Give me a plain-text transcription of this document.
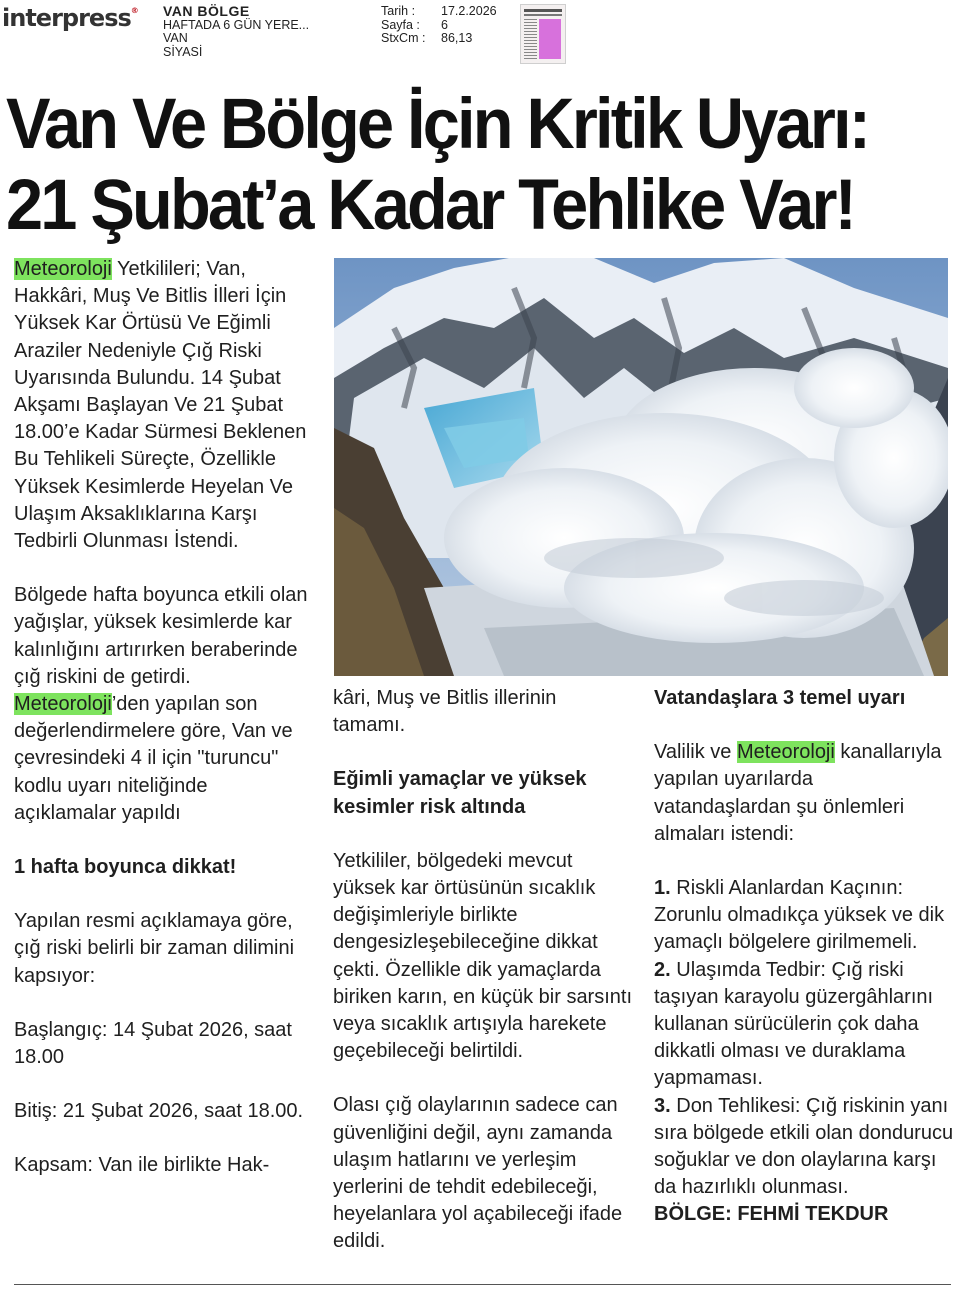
interpress® VAN BÖLGE
HAFTADA 6 GÜN YERE...
VAN
SİYASİ
Tarih :	17.2.2026
Sayfa :	6
StxCm :	86,13
Van Ve Bölge İçin Kritik Uyarı:
21 Şubat’a Kadar Tehlike Var!

Meteoroloji Yetkilileri; Van, Hakkâri, Muş Ve Bitlis İlleri İçin Yüksek Kar Örtüsü Ve Eğimli Araziler Nedeniyle Çığ Riski Uyarısında Bulundu. 14 Şubat Akşamı Başlayan Ve 21 Şubat 18.00’e Kadar Sürmesi Beklenen Bu Tehlikeli Süreçte, Özellikle Yüksek Kesimlerde Heyelan Ve Ulaşım Aksaklıklarına Karşı Tedbirli Olunması İstendi.

Bölgede hafta boyunca etkili olan yağışlar, yüksek kesimlerde kar kalınlığını artırırken beraberinde çığ riskini de getirdi. Meteoroloji’den yapılan son değerlendirmelere göre, Van ve çevresindeki 4 il için "turuncu" kodlu uyarı niteliğinde açıklamalar yapıldı

1 hafta boyunca dikkat!

Yapılan resmi açıklamaya göre, çığ riski belirli bir zaman dilimini kapsıyor:

Başlangıç: 14 Şubat 2026, saat 18.00

Bitiş: 21 Şubat 2026, saat 18.00.

Kapsam: Van ile birlikte Hak-

kâri, Muş ve Bitlis illerinin tamamı.

Eğimli yamaçlar ve yüksek kesimler risk altında

Yetkililer, bölgedeki mevcut yüksek kar örtüsünün sıcaklık değişimleriyle birlikte dengesizleşebileceğine dikkat çekti. Özellikle dik yamaçlarda biriken karın, en küçük bir sarsıntı veya sıcaklık artışıyla harekete geçebileceği belirtildi.

Olası çığ olaylarının sadece can güvenliğini değil, aynı zamanda ulaşım hatlarını ve yerleşim yerlerini de tehdit edebileceği, heyelanlara yol açabileceği ifade edildi.

Vatandaşlara 3 temel uyarı

Valilik ve Meteoroloji kanallarıyla yapılan uyarılarda vatandaşlardan şu önlemleri almaları istendi:

1. Riskli Alanlardan Kaçının: Zorunlu olmadıkça yüksek ve dik yamaçlı bölgelere girilmemeli.

2. Ulaşımda Tedbir: Çığ riski taşıyan karayolu güzergâhlarını kullanan sürücülerin çok daha dikkatli olması ve duraklama yapmaması.

3. Don Tehlikesi: Çığ riskinin yanı sıra bölgede etkili olan dondurucu soğuklar ve don olaylarına karşı da hazırlıklı olunması.

BÖLGE: FEHMİ TEKDUR
